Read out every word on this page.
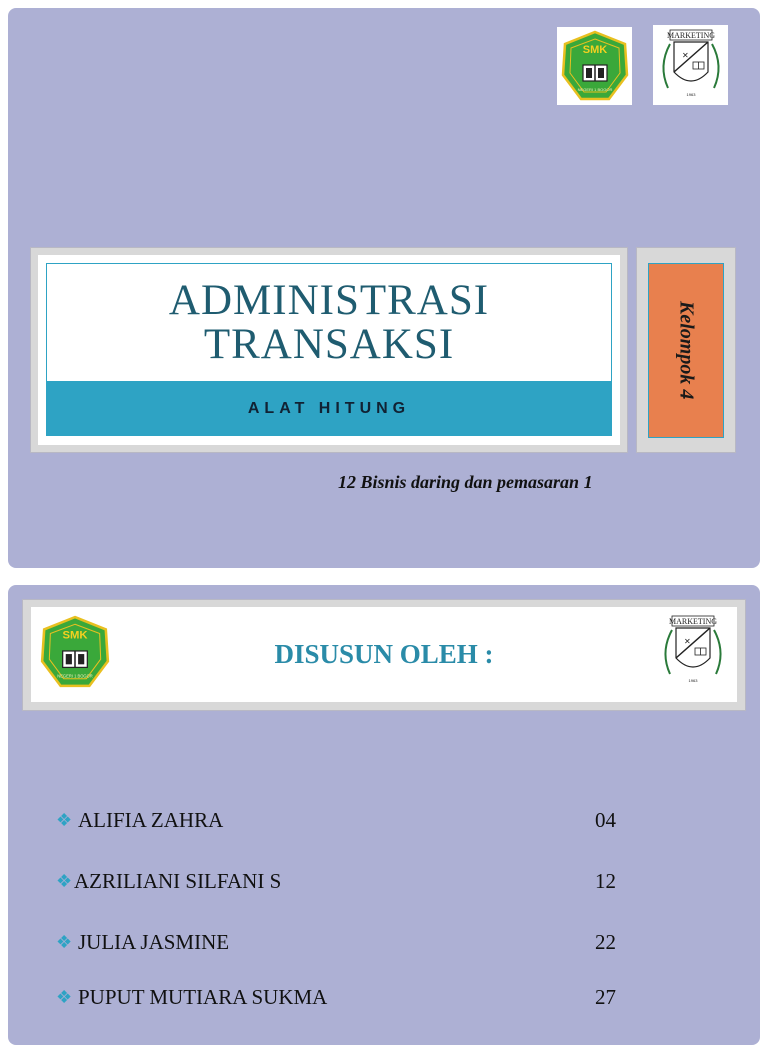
SMK
NEGERI 1 BOGOR
MARKETING
✕
1963
ADMINISTRASI
TRANSAKSI
ALAT HITUNG
Kelompok 4
12 Bisnis daring dan pemasaran 1
SMK
NEGERI 1 BOGOR
DISUSUN OLEH :
MARKETING
✕
1963
❖ ALIFIA ZAHRA	04
❖ AZRILIANI SILFANI S	12
❖ JULIA JASMINE	22
❖ PUPUT MUTIARA SUKMA	27
